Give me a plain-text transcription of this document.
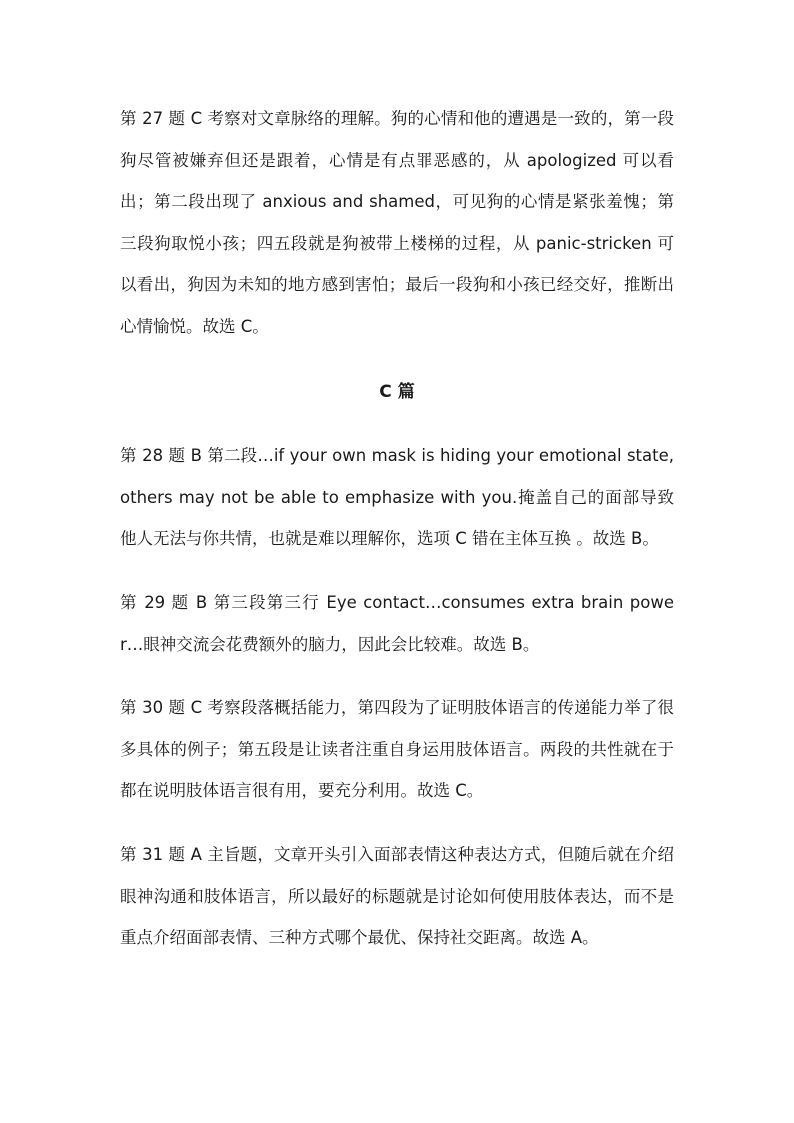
第 27 题 C 考察对文章脉络的理解。狗的心情和他的遭遇是一致的，第一段狗尽管被嫌弃但还是跟着，心情是有点罪恶感的，从 apologized 可以看出；第二段出现了 anxious and shamed，可见狗的心情是紧张羞愧；第三段狗取悦小孩；四五段就是狗被带上楼梯的过程，从 panic-stricken 可以看出，狗因为未知的地方感到害怕；最后一段狗和小孩已经交好，推断出心情愉悦。故选 C。

C 篇

第 28 题 B 第二段…if your own mask is hiding your emotional state,others may not be able to emphasize with you.掩盖自己的面部导致他人无法与你共情，也就是难以理解你，选项 C 错在主体互换 。故选 B。

第 29 题 B 第三段第三行 Eye contact…consumes extra brain power…眼神交流会花费额外的脑力，因此会比较难。故选 B。

第 30 题 C 考察段落概括能力，第四段为了证明肢体语言的传递能力举了很多具体的例子；第五段是让读者注重自身运用肢体语言。两段的共性就在于都在说明肢体语言很有用，要充分利用。故选 C。

第 31 题 A 主旨题，文章开头引入面部表情这种表达方式，但随后就在介绍眼神沟通和肢体语言，所以最好的标题就是讨论如何使用肢体表达，而不是重点介绍面部表情、三种方式哪个最优、保持社交距离。故选 A。
